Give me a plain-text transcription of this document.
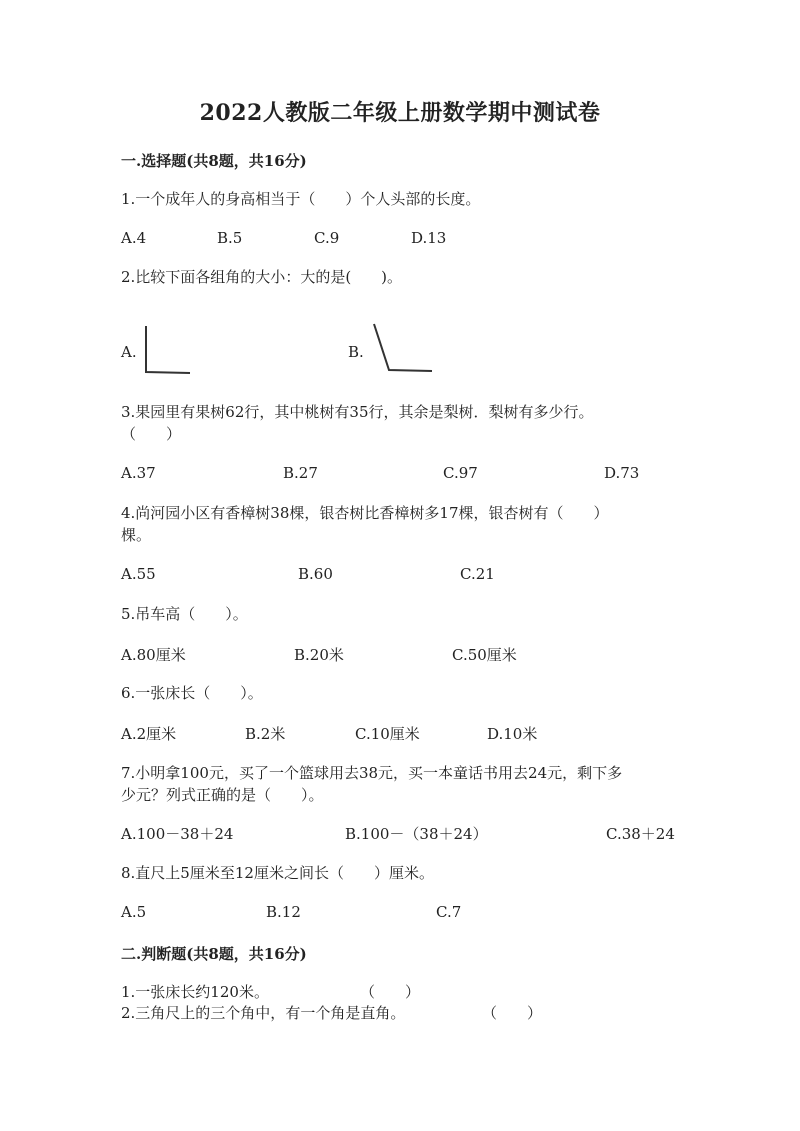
2022人教版二年级上册数学期中测试卷
一.选择题(共8题，共16分)
1.一个成年人的身高相当于（　　）个人头部的长度。
A.4	B.5	C.9	D.13
2.比较下面各组角的大小：大的是(　　)。
A.	B.
3.果园里有果树62行，其中桃树有35行，其余是梨树．梨树有多少行。
（　　）
A.37	B.27	C.97	D.73
4.尚河园小区有香樟树38棵，银杏树比香樟树多17棵，银杏树有（　　）
棵。
A.55	B.60	C.21
5.吊车高（　　）。
A.80厘米	B.20米	C.50厘米
6.一张床长（　　）。
A.2厘米	B.2米	C.10厘米	D.10米
7.小明拿100元，买了一个篮球用去38元，买一本童话书用去24元，剩下多
少元？列式正确的是（　　）。
A.100－38＋24	B.100－（38＋24）	C.38＋24
8.直尺上5厘米至12厘米之间长（　　）厘米。
A.5	B.12	C.7
二.判断题(共8题，共16分)
1.一张床长约120米。	（　　）
2.三角尺上的三个角中，有一个角是直角。	（　　）
